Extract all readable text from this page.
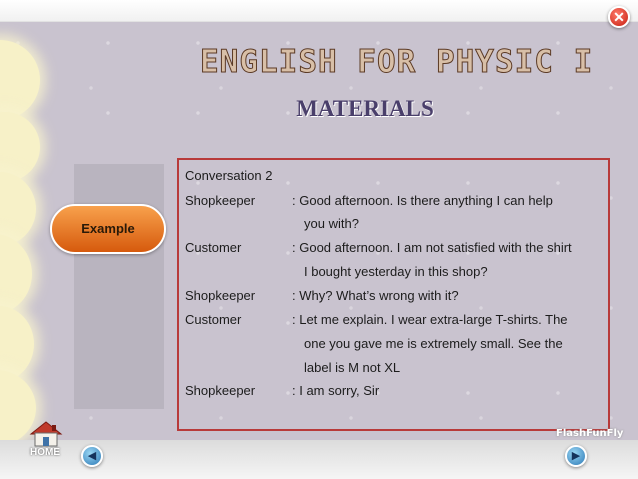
✕
ENGLISH FOR PHYSIC I
MATERIALS
Example
Conversation 2
Shopkeeper	: Good afternoon. Is there anything I can help
you with?
Customer	: Good afternoon. I am not satisfied with the shirt
I bought yesterday in this shop?
Shopkeeper	: Why? What’s wrong with it?
Customer	: Let me explain. I wear extra-large T-shirts. The
one you gave me is extremely small. See the
label is M not XL
Shopkeeper	: I am sorry, Sir
HOME	◀	▶
FlashFunFly
